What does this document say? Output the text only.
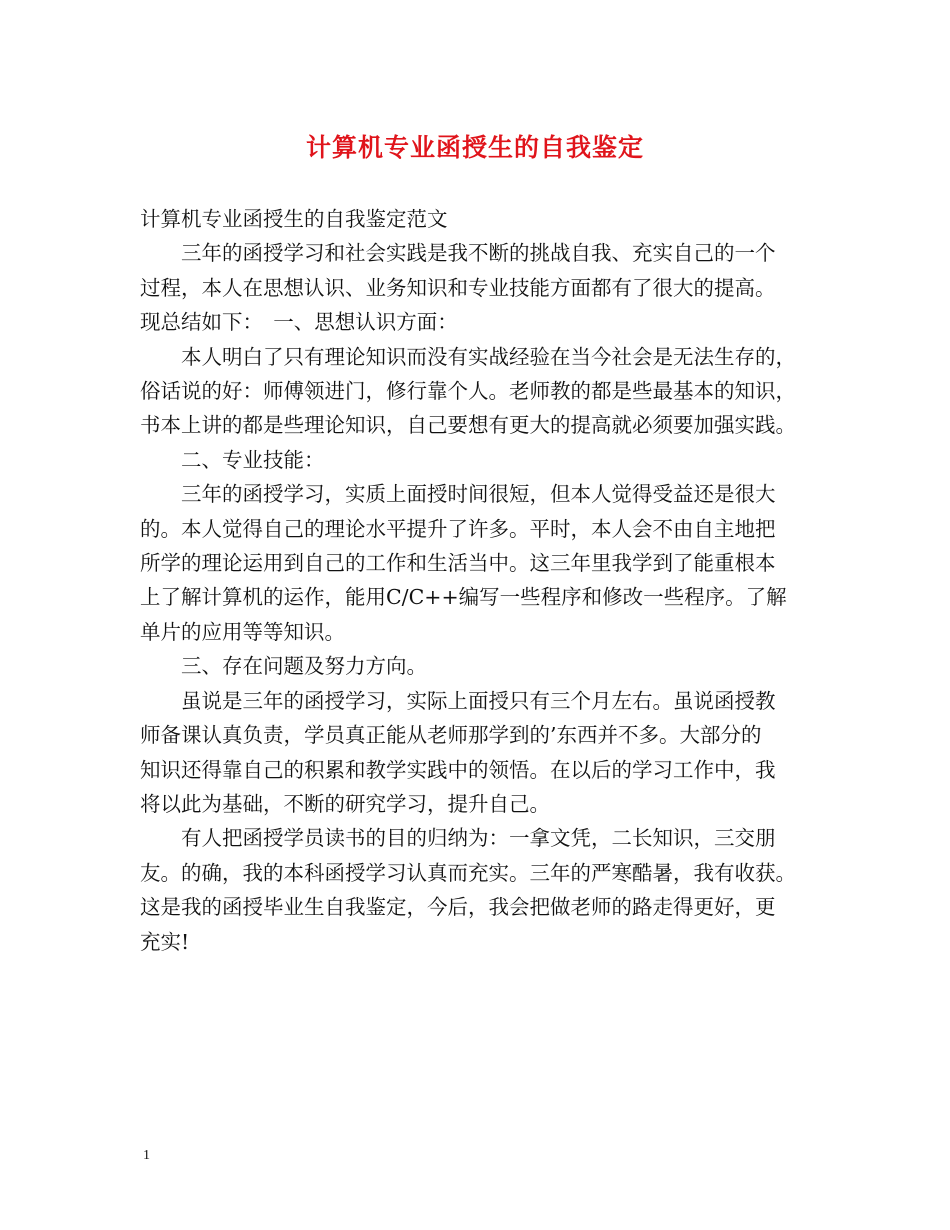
计算机专业函授生的自我鉴定

计算机专业函授生的自我鉴定范文

　　三年的函授学习和社会实践是我不断的挑战自我、充实自己的一个

过程，本人在思想认识、业务知识和专业技能方面都有了很大的提高。

现总结如下：　一、思想认识方面：

　　本人明白了只有理论知识而没有实战经验在当今社会是无法生存的，

俗话说的好：师傅领进门，修行靠个人。老师教的都是些最基本的知识，

书本上讲的都是些理论知识，自己要想有更大的提高就必须要加强实践。

　　二、专业技能：

　　三年的函授学习，实质上面授时间很短，但本人觉得受益还是很大

的。本人觉得自己的理论水平提升了许多。平时，本人会不由自主地把

所学的理论运用到自己的工作和生活当中。这三年里我学到了能重根本

上了解计算机的运作，能用C/C++编写一些程序和修改一些程序。了解

单片的应用等等知识。

　　三、存在问题及努力方向。

　　虽说是三年的函授学习，实际上面授只有三个月左右。虽说函授教

师备课认真负责，学员真正能从老师那学到的’东西并不多。大部分的

知识还得靠自己的积累和教学实践中的领悟。在以后的学习工作中，我

将以此为基础，不断的研究学习，提升自己。

　　有人把函授学员读书的目的归纳为：一拿文凭，二长知识，三交朋

友。的确，我的本科函授学习认真而充实。三年的严寒酷暑，我有收获。

这是我的函授毕业生自我鉴定，今后，我会把做老师的路走得更好，更

充实!

1
